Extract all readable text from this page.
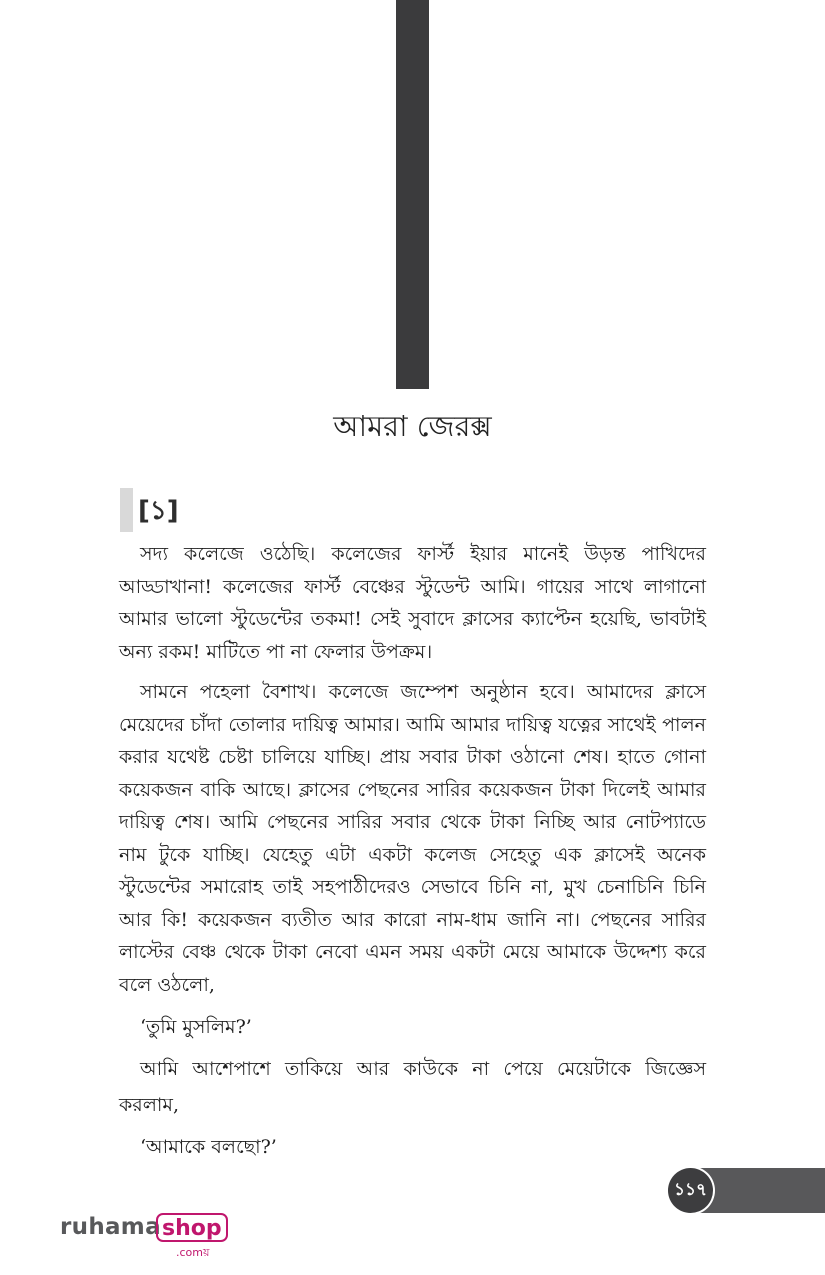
আমরা জেরক্স
[১]

সদ্য কলেজে ওঠেছি। কলেজের ফার্স্ট ইয়ার মানেই উড়ন্ত পাখিদের আড্ডাখানা! কলেজের ফার্স্ট বেঞ্চের স্টুডেন্ট আমি। গায়ের সাথে লাগানো আমার ভালো স্টুডেন্টের তকমা! সেই সুবাদে ক্লাসের ক্যাপ্টেন হয়েছি, ভাবটাই অন্য রকম! মাটিতে পা না ফেলার উপক্রম।

সামনে পহেলা বৈশাখ। কলেজে জম্পেশ অনুষ্ঠান হবে। আমাদের ক্লাসে মেয়েদের চাঁদা তোলার দায়িত্ব আমার। আমি আমার দায়িত্ব যত্নের সাথেই পালন করার যথেষ্ট চেষ্টা চালিয়ে যাচ্ছি। প্রায় সবার টাকা ওঠানো শেষ। হাতে গোনা কয়েকজন বাকি আছে। ক্লাসের পেছনের সারির কয়েকজন টাকা দিলেই আমার দায়িত্ব শেষ। আমি পেছনের সারির সবার থেকে টাকা নিচ্ছি আর নোটপ্যাডে নাম টুকে যাচ্ছি। যেহেতু এটা একটা কলেজ সেহেতু এক ক্লাসেই অনেক স্টুডেন্টের সমারোহ তাই সহপাঠীদেরও সেভাবে চিনি না, মুখ চেনাচিনি চিনি আর কি! কয়েকজন ব্যতীত আর কারো নাম-ধাম জানি না। পেছনের সারির লাস্টের বেঞ্চ থেকে টাকা নেবো এমন সময় একটা মেয়ে আমাকে উদ্দেশ্য করে বলে ওঠলো,

‘তুমি মুসলিম?’

আমি আশেপাশে তাকিয়ে আর কাউকে না পেয়ে মেয়েটাকে জিজ্ঞেস করলাম,

‘আমাকে বলছো?’

১১৭
ruhama shop
.comয়
